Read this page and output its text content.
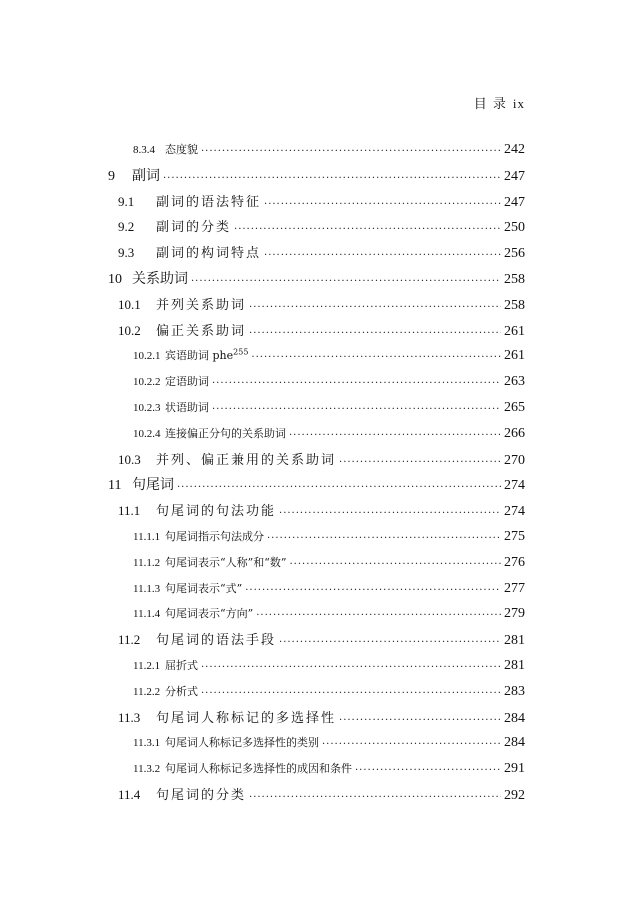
目 录 ix
8.3.4 态度貌 .....	242
9	副词 .....	247
9.1	副词的语法特征 .....	247
9.2	副词的分类 .....	250
9.3	副词的构词特点 .....	256
10 关系助词 .....	258
10.1	并列关系助词 .....	258
10.2	偏正关系助词 .....	261
10.2.1 宾语助词 phe$^{255}$ .....	261
10.2.2 定语助词 .....	263
10.2.3 状语助词 .....	265
10.2.4 连接偏正分句的关系助词 .....	266
10.3	并列、偏正兼用的关系助词 .....	270
11 句尾词 .....	274
11.1	句尾词的句法功能 .....	274
11.1.1 句尾词指示句法成分 .....	275
11.1.2 句尾词表示“人称”和“数” .....	276
11.1.3 句尾词表示“式” .....	277
11.1.4 句尾词表示“方向” .....	279
11.2	句尾词的语法手段 .....	281
11.2.1 屈折式 .....	281
11.2.2 分析式 .....	283
11.3	句尾词人称标记的多选择性 .....	284
11.3.1 句尾词人称标记多选择性的类别 .....	284
11.3.2 句尾词人称标记多选择性的成因和条件 .....	291
11.4	句尾词的分类 .....	292
